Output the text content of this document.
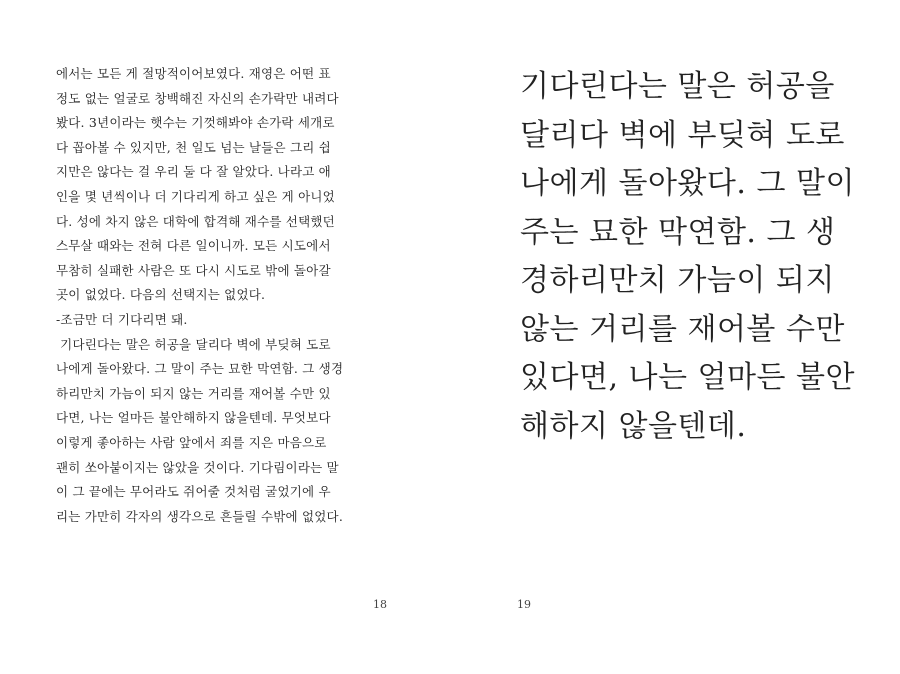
에서는 모든 게 절망적이어보였다. 재영은 어떤 표
정도 없는 얼굴로 창백해진 자신의 손가락만 내려다
봤다. 3년이라는 햇수는 기껏해봐야 손가락 세개로
다 꼽아볼 수 있지만, 천 일도 넘는 날들은 그리 쉽
지만은 않다는 걸 우리 둘 다 잘 알았다. 나라고 애
인을 몇 년씩이나 더 기다리게 하고 싶은 게 아니었
다. 성에 차지 않은 대학에 합격해 재수를 선택했던
스무살 때와는 전혀 다른 일이니까. 모든 시도에서
무참히 실패한 사람은 또 다시 시도로 밖에 돌아갈
곳이 없었다. 다음의 선택지는 없었다.
-조금만 더 기다리면 돼.
기다린다는 말은 허공을 달리다 벽에 부딪혀 도로
나에게 돌아왔다. 그 말이 주는 묘한 막연함. 그 생경
하리만치 가늠이 되지 않는 거리를 재어볼 수만 있
다면, 나는 얼마든 불안해하지 않을텐데. 무엇보다
이렇게 좋아하는 사람 앞에서 죄를 지은 마음으로
괜히 쏘아붙이지는 않았을 것이다. 기다림이라는 말
이 그 끝에는 무어라도 쥐어줄 것처럼 굴었기에 우
리는 가만히 각자의 생각으로 흔들릴 수밖에 없었다.
18
기다린다는 말은 허공을
달리다 벽에 부딪혀 도로
나에게 돌아왔다. 그 말이
주는 묘한 막연함. 그 생
경하리만치 가늠이 되지
않는 거리를 재어볼 수만
있다면, 나는 얼마든 불안
해하지 않을텐데.
19
